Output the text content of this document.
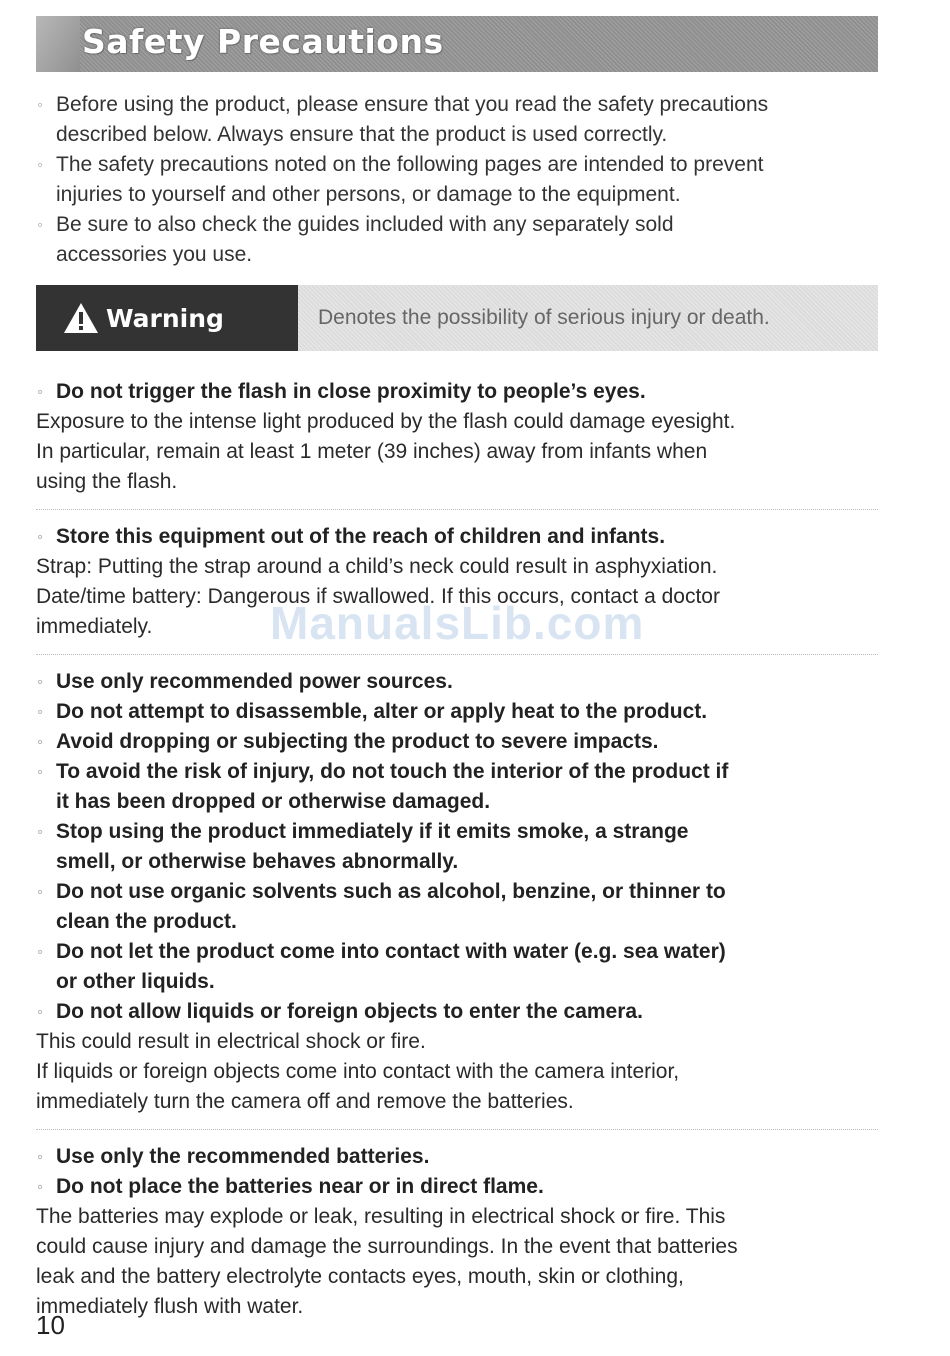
Safety Precautions
∘ Before using the product, please ensure that you read the safety precautions
described below. Always ensure that the product is used correctly.
∘ The safety precautions noted on the following pages are intended to prevent
injuries to yourself and other persons, or damage to the equipment.
∘ Be sure to also check the guides included with any separately sold
accessories you use.
Warning	Denotes the possibility of serious injury or death.
∘ Do not trigger the flash in close proximity to people’s eyes.
Exposure to the intense light produced by the flash could damage eyesight.
In particular, remain at least 1 meter (39 inches) away from infants when
using the flash.
∘ Store this equipment out of the reach of children and infants.
Strap: Putting the strap around a child’s neck could result in asphyxiation.
Date/time battery: Dangerous if swallowed. If this occurs, contact a doctor
immediately.
∘ Use only recommended power sources.
∘ Do not attempt to disassemble, alter or apply heat to the product.
∘ Avoid dropping or subjecting the product to severe impacts.
∘ To avoid the risk of injury, do not touch the interior of the product if
it has been dropped or otherwise damaged.
∘ Stop using the product immediately if it emits smoke, a strange
smell, or otherwise behaves abnormally.
∘ Do not use organic solvents such as alcohol, benzine, or thinner to
clean the product.
∘ Do not let the product come into contact with water (e.g. sea water)
or other liquids.
∘ Do not allow liquids or foreign objects to enter the camera.
This could result in electrical shock or fire.
If liquids or foreign objects come into contact with the camera interior,
immediately turn the camera off and remove the batteries.
∘ Use only the recommended batteries.
∘ Do not place the batteries near or in direct flame.
The batteries may explode or leak, resulting in electrical shock or fire. This
could cause injury and damage the surroundings. In the event that batteries
leak and the battery electrolyte contacts eyes, mouth, skin or clothing,
immediately flush with water.
ManualsLib.com
10
